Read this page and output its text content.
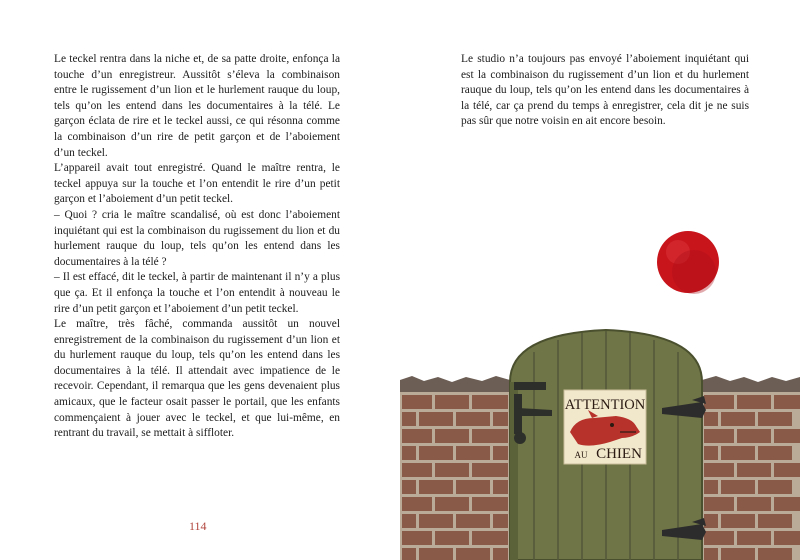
Le teckel rentra dans la niche et, de sa patte droite, enfonça la touche d’un enregistreur. Aussitôt s’éleva la combinaison entre le rugissement d’un lion et le hurlement rauque du loup, tels qu’on les entend dans les documentaires à la télé. Le garçon éclata de rire et le teckel aussi, ce qui résonna comme la combinaison d’un rire de petit garçon et de l’aboiement d’un teckel.

L’appareil avait tout enregistré. Quand le maître rentra, le teckel appuya sur la touche et l’on entendit le rire d’un petit garçon et l’aboiement d’un petit teckel.

– Quoi ? cria le maître scandalisé, où est donc l’aboiement inquiétant qui est la combinaison du rugissement du lion et du hurlement rauque du loup, tels qu’on les entend dans les documentaires à la télé ?

– Il est effacé, dit le teckel, à partir de maintenant il n’y a plus que ça. Et il enfonça la touche et l’on entendit à nouveau le rire d’un petit garçon et l’aboiement d’un petit teckel.

Le maître, très fâché, commanda aussitôt un nouvel enregistrement de la combinaison du rugissement d’un lion et du hurlement rauque du loup, tels qu’on les entend dans les documentaires à la télé. Il attendait avec impatience de le recevoir. Cependant, il remarqua que les gens devenaient plus amicaux, que le facteur osait passer le portail, que les enfants commençaient à jouer avec le teckel, et que lui-même, en rentrant du travail, se mettait à siffloter.

114

Le studio n’a toujours pas envoyé l’aboiement inquiétant qui est la combinaison du rugissement d’un lion et du hurlement rauque du loup, tels qu’on les entend dans les documentaires à la télé, car ça prend du temps à enregistrer, cela dit je ne suis pas sûr que notre voisin en ait encore besoin.

ATTENTION
AU CHIEN
